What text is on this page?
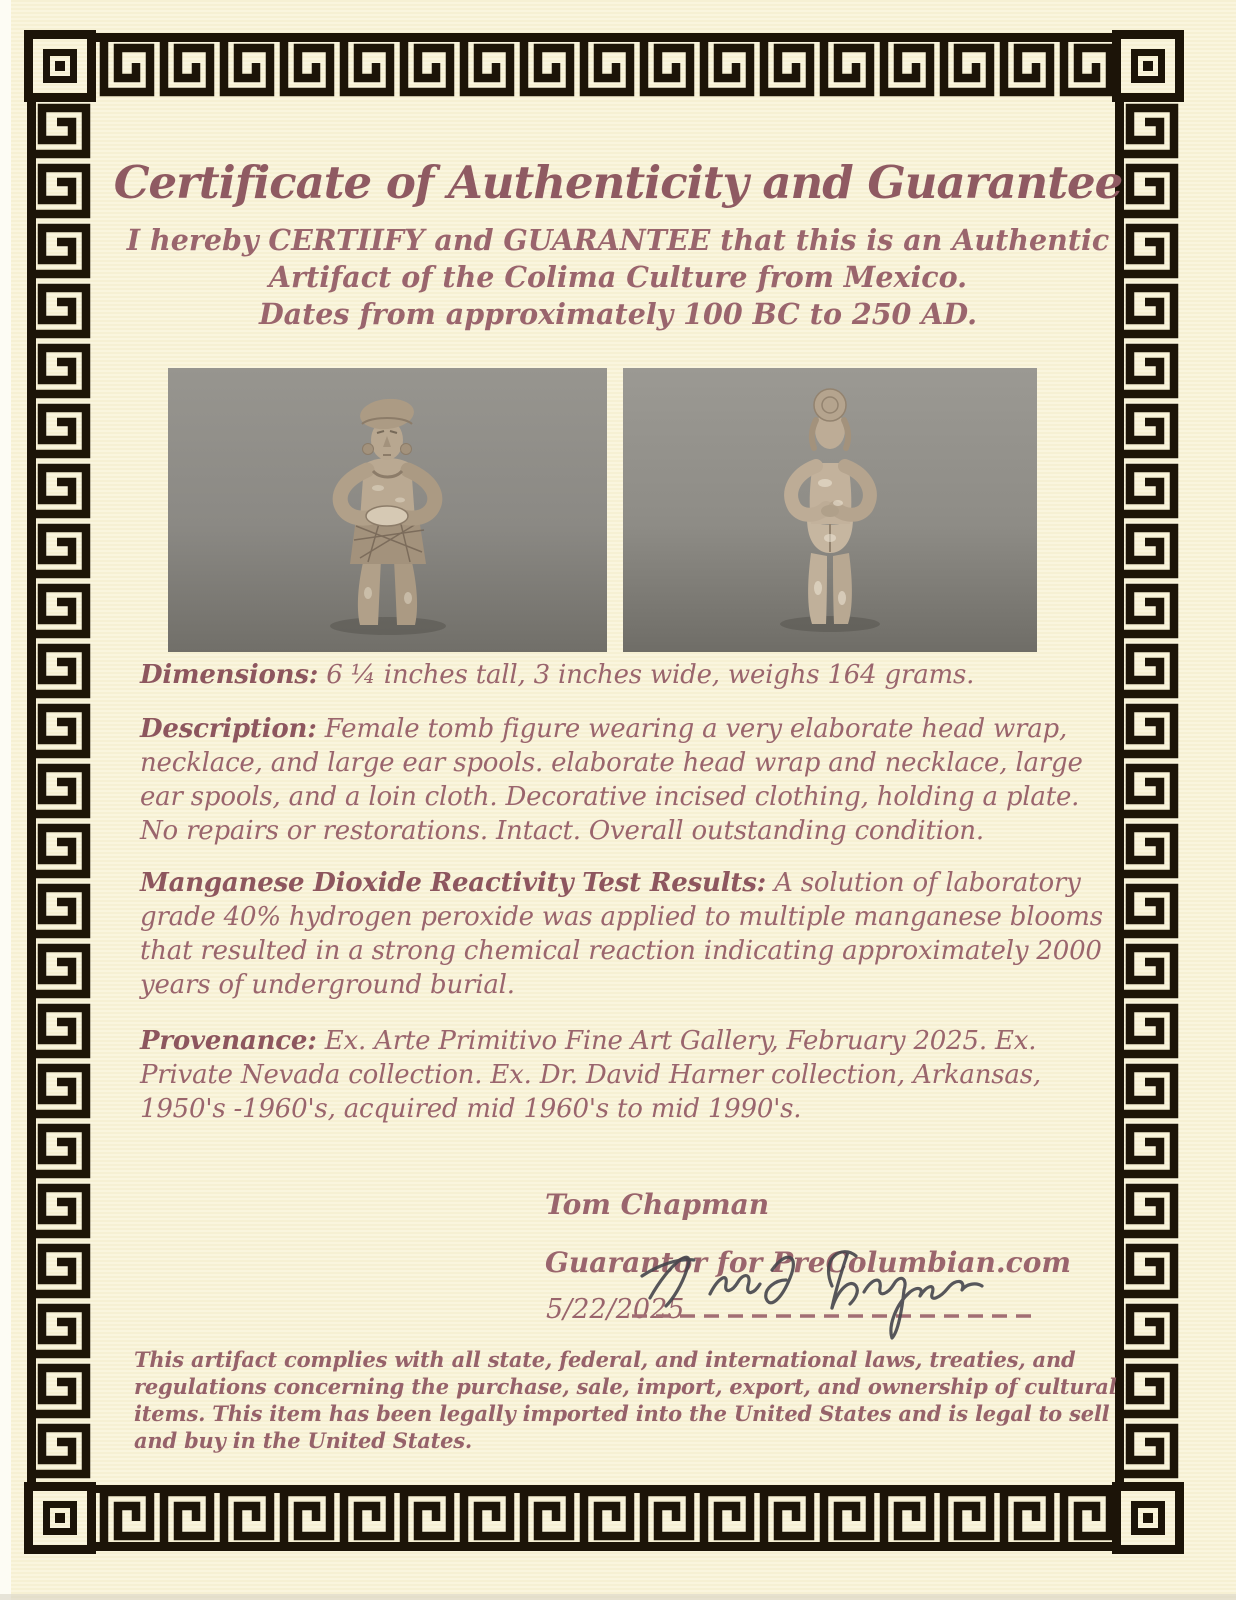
Certificate of Authenticity and Guarantee
I hereby CERTIIFY and GUARANTEE that this is an Authentic
Artifact of the Colima Culture from Mexico.
Dates from approximately 100 BC to 250 AD.

Dimensions: 6 ¼ inches tall, 3 inches wide, weighs 164 grams.

Description: Female tomb figure wearing a very elaborate head wrap, necklace, and large ear spools. elaborate head wrap and necklace, large ear spools, and a loin cloth. Decorative incised clothing, holding a plate. No repairs or restorations. Intact. Overall outstanding condition.

Manganese Dioxide Reactivity Test Results: A solution of laboratory grade 40% hydrogen peroxide was applied to multiple manganese blooms that resulted in a strong chemical reaction indicating approximately 2000 years of underground burial.

Provenance: Ex. Arte Primitivo Fine Art Gallery, February 2025. Ex. Private Nevada collection. Ex. Dr. David Harner collection, Arkansas, 1950's -1960's, acquired mid 1960's to mid 1990's.

Tom Chapman
Guarantor for PreColumbian.com
5/22/2025

This artifact complies with all state, federal, and international laws, treaties, and regulations concerning the purchase, sale, import, export, and ownership of cultural items. This item has been legally imported into the United States and is legal to sell and buy in the United States.
